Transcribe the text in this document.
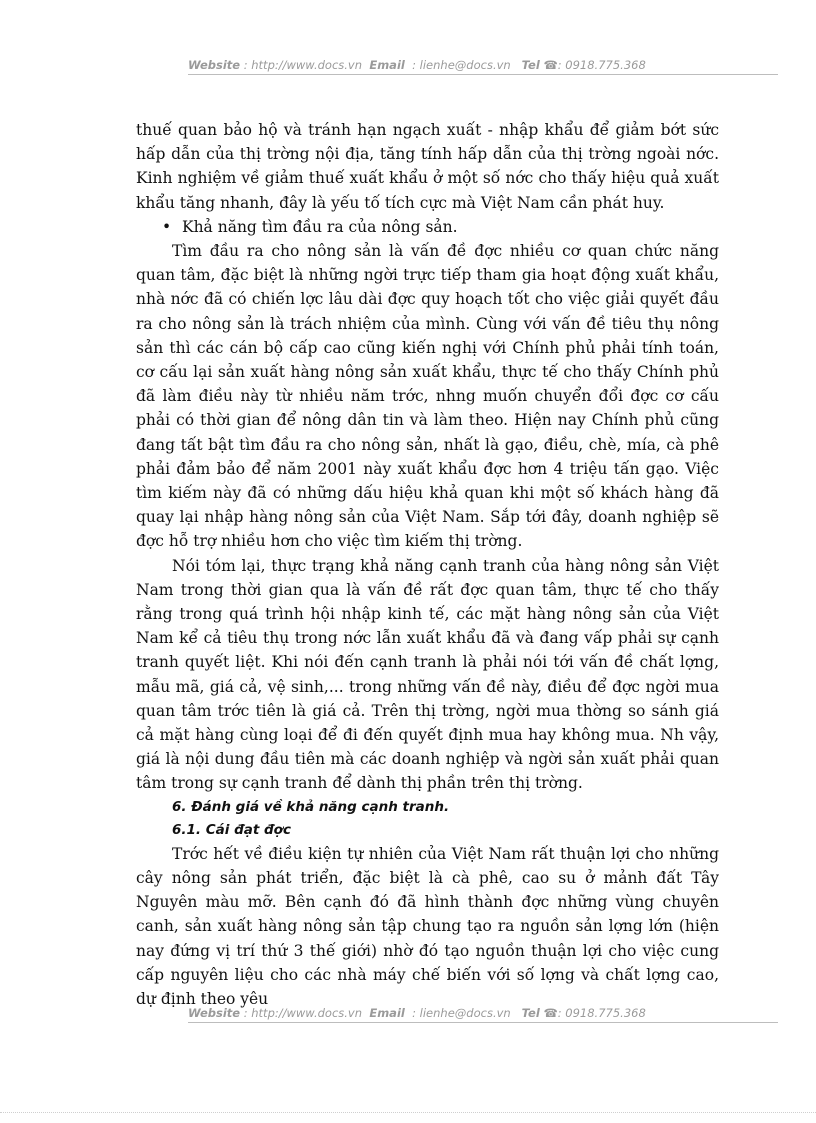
Website : http://www.docs.vn Email : lienhe@docs.vn Tel ☎: 0918.775.368

thuế quan bảo hộ và tránh hạn ngạch xuất - nhập khẩu để giảm bớt sức hấp dẫn của thị trờng nội địa, tăng tính hấp dẫn của thị trờng ngoài nớc. Kinh nghiệm về giảm thuế xuất khẩu ở một số nớc cho thấy hiệu quả xuất khẩu tăng nhanh, đây là yếu tố tích cực mà Việt Nam cần phát huy.

• Khả năng tìm đầu ra của nông sản.

Tìm đầu ra cho nông sản là vấn đề đợc nhiều cơ quan chức năng quan tâm, đặc biệt là những ngời trực tiếp tham gia hoạt động xuất khẩu, nhà nớc đã có chiến lợc lâu dài đợc quy hoạch tốt cho việc giải quyết đầu ra cho nông sản là trách nhiệm của mình. Cùng với vấn đề tiêu thụ nông sản thì các cán bộ cấp cao cũng kiến nghị với Chính phủ phải tính toán, cơ cấu lại sản xuất hàng nông sản xuất khẩu, thực tế cho thấy Chính phủ đã làm điều này từ nhiều năm trớc, nhng muốn chuyển đổi đợc cơ cấu phải có thời gian để nông dân tin và làm theo. Hiện nay Chính phủ cũng đang tất bật tìm đầu ra cho nông sản, nhất là gạo, điều, chè, mía, cà phê phải đảm bảo để năm 2001 này xuất khẩu đợc hơn 4 triệu tấn gạo. Việc tìm kiếm này đã có những dấu hiệu khả quan khi một số khách hàng đã quay lại nhập hàng nông sản của Việt Nam. Sắp tới đây, doanh nghiệp sẽ đợc hỗ trợ nhiều hơn cho việc tìm kiếm thị trờng.

Nói tóm lại, thực trạng khả năng cạnh tranh của hàng nông sản Việt Nam trong thời gian qua là vấn đề rất đợc quan tâm, thực tế cho thấy rằng trong quá trình hội nhập kinh tế, các mặt hàng nông sản của Việt Nam kể cả tiêu thụ trong nớc lẫn xuất khẩu đã và đang vấp phải sự cạnh tranh quyết liệt. Khi nói đến cạnh tranh là phải nói tới vấn đề chất lợng, mẫu mã, giá cả, vệ sinh,... trong những vấn đề này, điều để đợc ngời mua quan tâm trớc tiên là giá cả. Trên thị trờng, ngời mua thờng so sánh giá cả mặt hàng cùng loại để đi đến quyết định mua hay không mua. Nh vậy, giá là nội dung đầu tiên mà các doanh nghiệp và ngời sản xuất phải quan tâm trong sự cạnh tranh để dành thị phần trên thị trờng.

6. Đánh giá về khả năng cạnh tranh.
6.1. Cái đạt đợc

Trớc hết về điều kiện tự nhiên của Việt Nam rất thuận lợi cho những cây nông sản phát triển, đặc biệt là cà phê, cao su ở mảnh đất Tây Nguyên màu mỡ. Bên cạnh đó đã hình thành đợc những vùng chuyên canh, sản xuất hàng nông sản tập chung tạo ra nguồn sản lợng lớn (hiện nay đứng vị trí thứ 3 thế giới) nhờ đó tạo nguồn thuận lợi cho việc cung cấp nguyên liệu cho các nhà máy chế biến với số lợng và chất lợng cao, dự định theo yêu

Website : http://www.docs.vn Email : lienhe@docs.vn Tel ☎: 0918.775.368
